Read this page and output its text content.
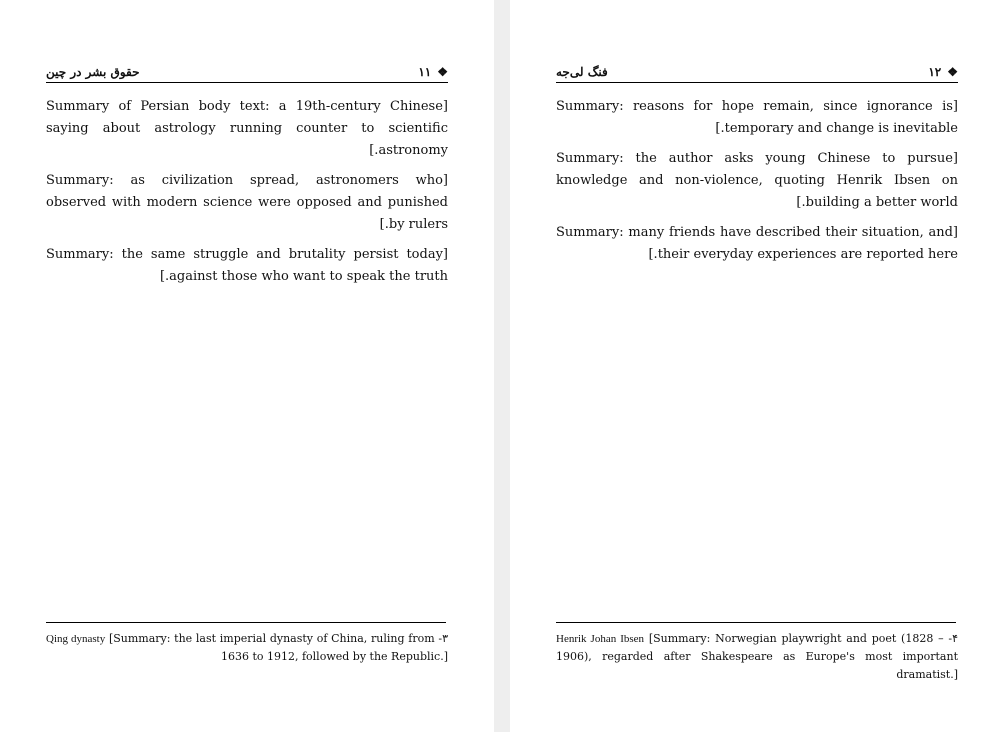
❖۱۱
حقوق بشر در چین

[Summary of Persian body text: a 19th-century Chinese saying about astrology running counter to scientific astronomy.]

[Summary: as civilization spread, astronomers who observed with modern science were opposed and punished by rulers.]

[Summary: the same struggle and brutality persist today against those who want to speak the truth.]

۳- Qing dynasty [Summary: the last imperial dynasty of China, ruling from 1636 to 1912, followed by the Republic.]
❖۱۲
فنگ لی‌جه

[Summary: reasons for hope remain, since ignorance is temporary and change is inevitable.]

[Summary: the author asks young Chinese to pursue knowledge and non-violence, quoting Henrik Ibsen on building a better world.]

[Summary: many friends have described their situation, and their everyday experiences are reported here.]

۴- Henrik Johan Ibsen [Summary: Norwegian playwright and poet (1828 – 1906), regarded after Shakespeare as Europe's most important dramatist.]
